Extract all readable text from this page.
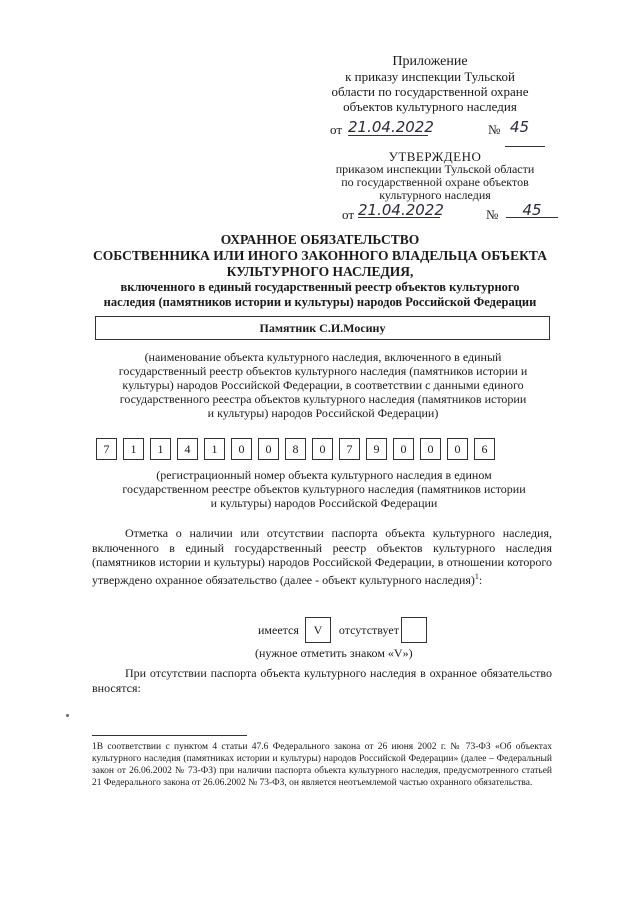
Приложение
к приказу инспекции Тульской
области по государственной охране
объектов культурного наследия
от 21.04.2022	№ 45
УТВЕРЖДЕНО
приказом инспекции Тульской области
по государственной охране объектов
культурного наследия
от 21.04.2022	№	45
ОХРАННОЕ ОБЯЗАТЕЛЬСТВО
СОБСТВЕННИКА ИЛИ ИНОГО ЗАКОННОГО ВЛАДЕЛЬЦА ОБЪЕКТА
КУЛЬТУРНОГО НАСЛЕДИЯ,
включенного в единый государственный реестр объектов культурного
наследия (памятников истории и культуры) народов Российской Федерации
Памятник С.И.Мосину
(наименование объекта культурного наследия, включенного в единый
государственный реестр объектов культурного наследия (памятников истории и
культуры) народов Российской Федерации, в соответствии с данными единого
государственного реестра объектов культурного наследия (памятников истории
и культуры) народов Российской Федерации)
7	1	1	4	1	0	0	8	0	7	9	0	0	0	6
(регистрационный номер объекта культурного наследия в едином
государственном реестре объектов культурного наследия (памятников истории
и культуры) народов Российской Федерации

Отметка о наличии или отсутствии паспорта объекта культурного наследия, включенного в единый государственный реестр объектов культурного наследия (памятников истории и культуры) народов Российской Федерации, в отношении которого утверждено охранное обязательство (далее - объект культурного наследия)$^1$:

имеется	V	отсутствует
(нужное отметить знаком «V»)

При отсутствии паспорта объекта культурного наследия в охранное обязательство вносятся:

1В соответствии с пунктом 4 статьи 47.6 Федерального закона от 26 июня 2002 г. № 73-ФЗ «Об объектах культурного наследия (памятниках истории и культуры) народов Российской Федерации» (далее – Федеральный закон от 26.06.2002 № 73-ФЗ) при наличии паспорта объекта культурного наследия, предусмотренного статьей 21 Федерального закона от 26.06.2002 № 73-ФЗ, он является неотъемлемой частью охранного обязательства.
